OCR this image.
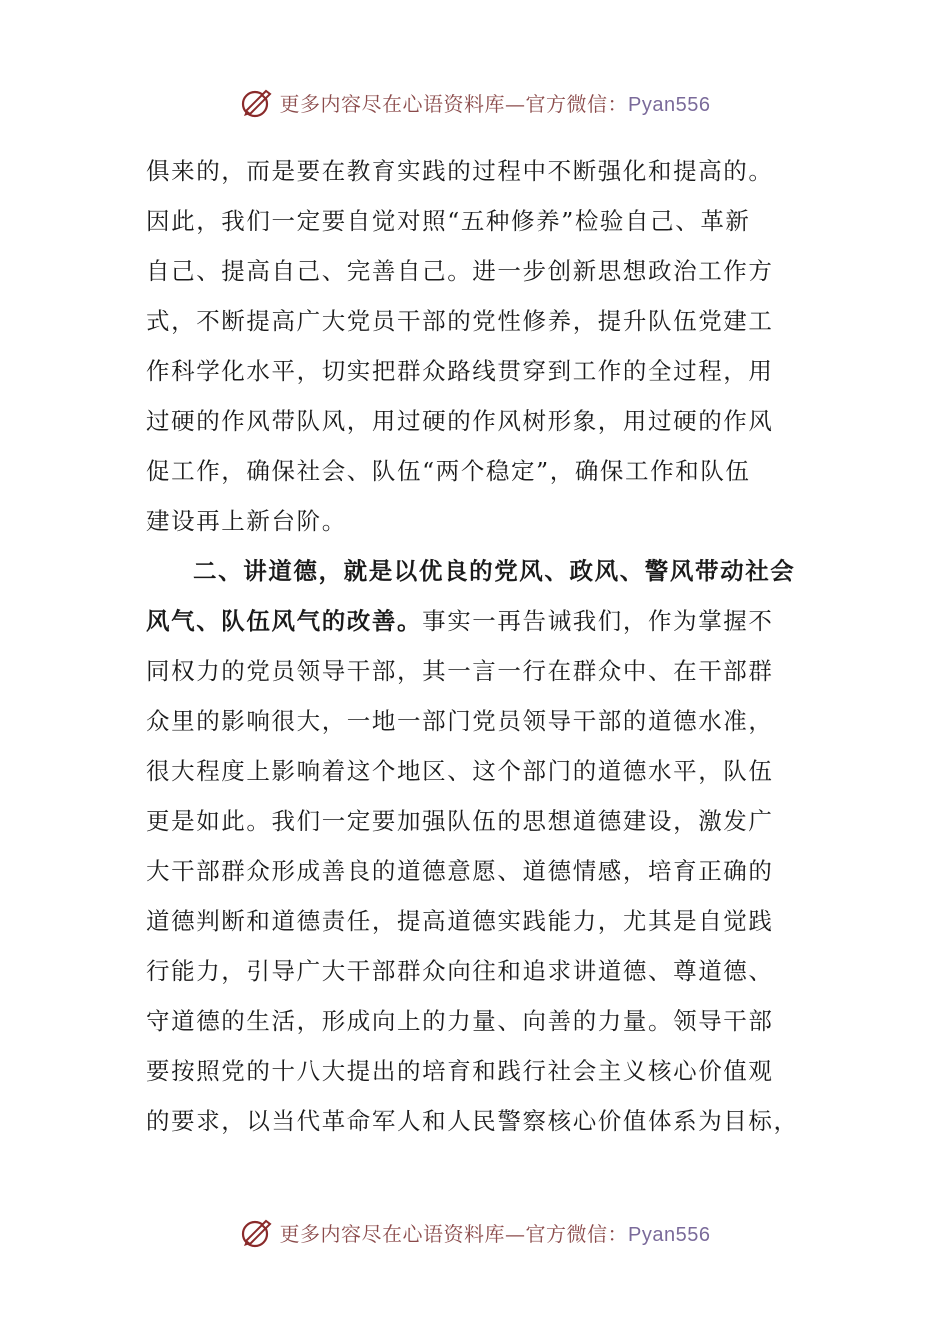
更多内容尽在心语资料库—官方微信：Pyan556
俱来的，而是要在教育实践的过程中不断强化和提高的。
因此，我们一定要自觉对照“五种修养”检验自己、革新
自己、提高自己、完善自己。进一步创新思想政治工作方
式，不断提高广大党员干部的党性修养，提升队伍党建工
作科学化水平，切实把群众路线贯穿到工作的全过程，用
过硬的作风带队风，用过硬的作风树形象，用过硬的作风
促工作，确保社会、队伍“两个稳定”，确保工作和队伍
建设再上新台阶。
二、讲道德，就是以优良的党风、政风、警风带动社会
风气、队伍风气的改善。事实一再告诫我们，作为掌握不
同权力的党员领导干部，其一言一行在群众中、在干部群
众里的影响很大，一地一部门党员领导干部的道德水准，
很大程度上影响着这个地区、这个部门的道德水平，队伍
更是如此。我们一定要加强队伍的思想道德建设，激发广
大干部群众形成善良的道德意愿、道德情感，培育正确的
道德判断和道德责任，提高道德实践能力，尤其是自觉践
行能力，引导广大干部群众向往和追求讲道德、尊道德、
守道德的生活，形成向上的力量、向善的力量。领导干部
要按照党的十八大提出的培育和践行社会主义核心价值观
的要求，以当代革命军人和人民警察核心价值体系为目标，
更多内容尽在心语资料库—官方微信：Pyan556
